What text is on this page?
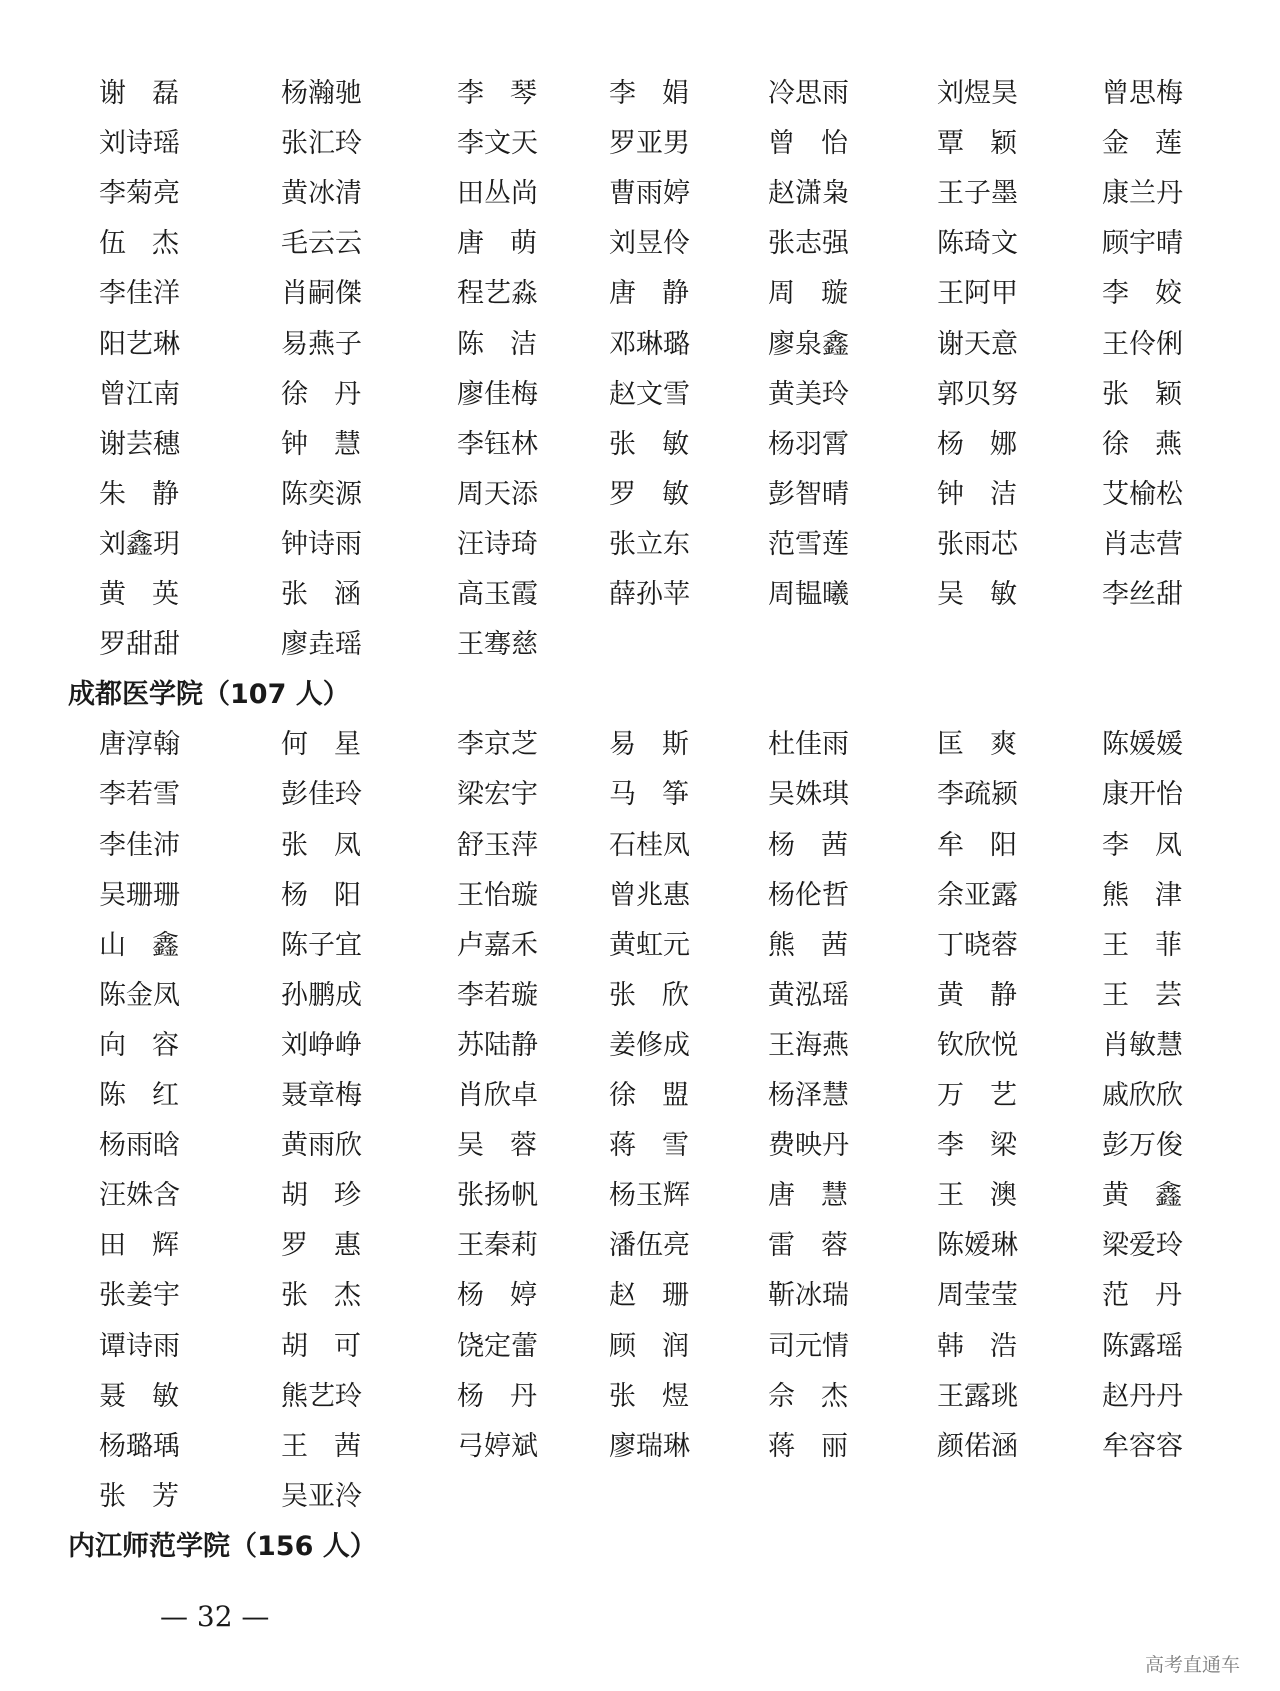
谢磊	杨瀚驰	李琴	李娟	冷思雨	刘煜昊	曾思梅
刘诗瑶	张汇玲	李文天	罗亚男	曾怡	覃颖	金莲
李菊亮	黄冰清	田丛尚	曹雨婷	赵潇枭	王子墨	康兰丹
伍杰	毛云云	唐萌	刘昱伶	张志强	陈琦文	顾宇晴
李佳洋	肖嗣傑	程艺淼	唐静	周璇	王阿甲	李姣
阳艺琳	易燕子	陈洁	邓琳璐	廖泉鑫	谢天意	王伶俐
曾江南	徐丹	廖佳梅	赵文雪	黄美玲	郭贝努	张颖
谢芸穗	钟慧	李钰林	张敏	杨羽霄	杨娜	徐燕
朱静	陈奕源	周天添	罗敏	彭智晴	钟洁	艾榆松
刘鑫玥	钟诗雨	汪诗琦	张立东	范雪莲	张雨芯	肖志营
黄英	张涵	高玉霞	薛孙苹	周韫曦	吴敏	李丝甜
罗甜甜	廖垚瑶	王骞慈
成都医学院（107 人）
唐淳翰	何星	李京芝	易斯	杜佳雨	匡爽	陈媛媛
李若雪	彭佳玲	梁宏宇	马筝	吴姝琪	李疏颍	康开怡
李佳沛	张凤	舒玉萍	石桂凤	杨茜	牟阳	李凤
吴珊珊	杨阳	王怡璇	曾兆惠	杨伦哲	余亚露	熊津
山鑫	陈子宜	卢嘉禾	黄虹元	熊茜	丁晓蓉	王菲
陈金凤	孙鹏成	李若璇	张欣	黄泓瑶	黄静	王芸
向容	刘峥峥	苏陆静	姜修成	王海燕	钦欣悦	肖敏慧
陈红	聂章梅	肖欣卓	徐盟	杨泽慧	万艺	戚欣欣
杨雨晗	黄雨欣	吴蓉	蒋雪	费映丹	李梁	彭万俊
汪姝含	胡珍	张扬帆	杨玉辉	唐慧	王澳	黄鑫
田辉	罗惠	王秦莉	潘伍亮	雷蓉	陈嫒琳	梁爱玲
张姜宇	张杰	杨婷	赵珊	靳冰瑞	周莹莹	范丹
谭诗雨	胡可	饶定蕾	顾润	司元情	韩浩	陈露瑶
聂敏	熊艺玲	杨丹	张煜	佘杰	王露珧	赵丹丹
杨璐瑀	王茜	弓婷斌	廖瑞琳	蒋丽	颜偌涵	牟容容
张芳	吴亚泠
内江师范学院（156 人）
— 32 —
高考直通车
